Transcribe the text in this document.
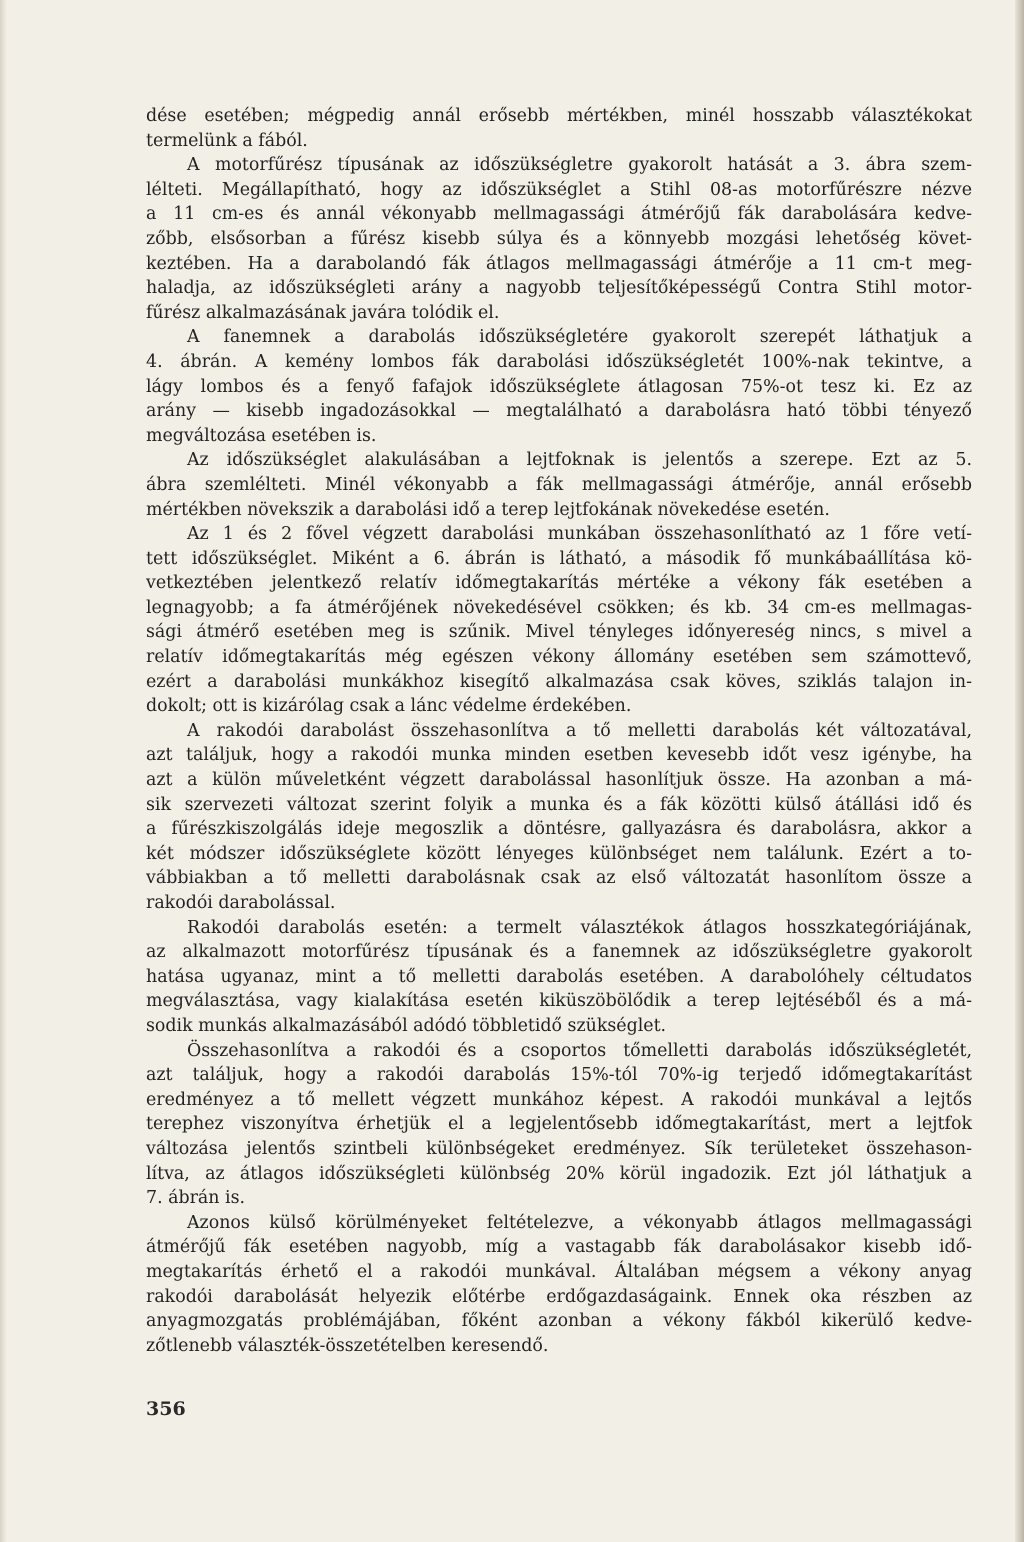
dése esetében; mégpedig annál erősebb mértékben, minél hosszabb választékokat
termelünk a fából.

A motorfűrész típusának az időszükségletre gyakorolt hatását a 3. ábra szem-
lélteti. Megállapítható, hogy az időszükséglet a Stihl 08-as motorfűrészre nézve
a 11 cm-es és annál vékonyabb mellmagassági átmérőjű fák darabolására kedve-
zőbb, elsősorban a fűrész kisebb súlya és a könnyebb mozgási lehetőség követ-
keztében. Ha a darabolandó fák átlagos mellmagassági átmérője a 11 cm-t meg-
haladja, az időszükségleti arány a nagyobb teljesítőképességű Contra Stihl motor-
fűrész alkalmazásának javára tolódik el.

A fanemnek a darabolás időszükségletére gyakorolt szerepét láthatjuk a
4. ábrán. A kemény lombos fák darabolási időszükségletét 100%-nak tekintve, a
lágy lombos és a fenyő fafajok időszükséglete átlagosan 75%-ot tesz ki. Ez az
arány — kisebb ingadozásokkal — megtalálható a darabolásra ható többi tényező
megváltozása esetében is.

Az időszükséglet alakulásában a lejtfoknak is jelentős a szerepe. Ezt az 5.
ábra szemlélteti. Minél vékonyabb a fák mellmagassági átmérője, annál erősebb
mértékben növekszik a darabolási idő a terep lejtfokának növekedése esetén.

Az 1 és 2 fővel végzett darabolási munkában összehasonlítható az 1 főre vetí-
tett időszükséglet. Miként a 6. ábrán is látható, a második fő munkábaállítása kö-
vetkeztében jelentkező relatív időmegtakarítás mértéke a vékony fák esetében a
legnagyobb; a fa átmérőjének növekedésével csökken; és kb. 34 cm-es mellmagas-
sági átmérő esetében meg is szűnik. Mivel tényleges időnyereség nincs, s mivel a
relatív időmegtakarítás még egészen vékony állomány esetében sem számottevő,
ezért a darabolási munkákhoz kisegítő alkalmazása csak köves, sziklás talajon in-
dokolt; ott is kizárólag csak a lánc védelme érdekében.

A rakodói darabolást összehasonlítva a tő melletti darabolás két változatával,
azt találjuk, hogy a rakodói munka minden esetben kevesebb időt vesz igénybe, ha
azt a külön műveletként végzett darabolással hasonlítjuk össze. Ha azonban a má-
sik szervezeti változat szerint folyik a munka és a fák közötti külső átállási idő és
a fűrészkiszolgálás ideje megoszlik a döntésre, gallyazásra és darabolásra, akkor a
két módszer időszükséglete között lényeges különbséget nem találunk. Ezért a to-
vábbiakban a tő melletti darabolásnak csak az első változatát hasonlítom össze a
rakodói darabolással.

Rakodói darabolás esetén: a termelt választékok átlagos hosszkategóriájának,
az alkalmazott motorfűrész típusának és a fanemnek az időszükségletre gyakorolt
hatása ugyanaz, mint a tő melletti darabolás esetében. A darabolóhely céltudatos
megválasztása, vagy kialakítása esetén kiküszöbölődik a terep lejtéséből és a má-
sodik munkás alkalmazásából adódó többletidő szükséglet.

Összehasonlítva a rakodói és a csoportos tőmelletti darabolás időszükségletét,
azt találjuk, hogy a rakodói darabolás 15%-tól 70%-ig terjedő időmegtakarítást
eredményez a tő mellett végzett munkához képest. A rakodói munkával a lejtős
terephez viszonyítva érhetjük el a legjelentősebb időmegtakarítást, mert a lejtfok
változása jelentős szintbeli különbségeket eredményez. Sík területeket összehason-
lítva, az átlagos időszükségleti különbség 20% körül ingadozik. Ezt jól láthatjuk a
7. ábrán is.

Azonos külső körülményeket feltételezve, a vékonyabb átlagos mellmagassági
átmérőjű fák esetében nagyobb, míg a vastagabb fák darabolásakor kisebb idő-
megtakarítás érhető el a rakodói munkával. Általában mégsem a vékony anyag
rakodói darabolását helyezik előtérbe erdőgazdaságaink. Ennek oka részben az
anyagmozgatás problémájában, főként azonban a vékony fákból kikerülő kedve-
zőtlenebb választék-összetételben keresendő.

356
